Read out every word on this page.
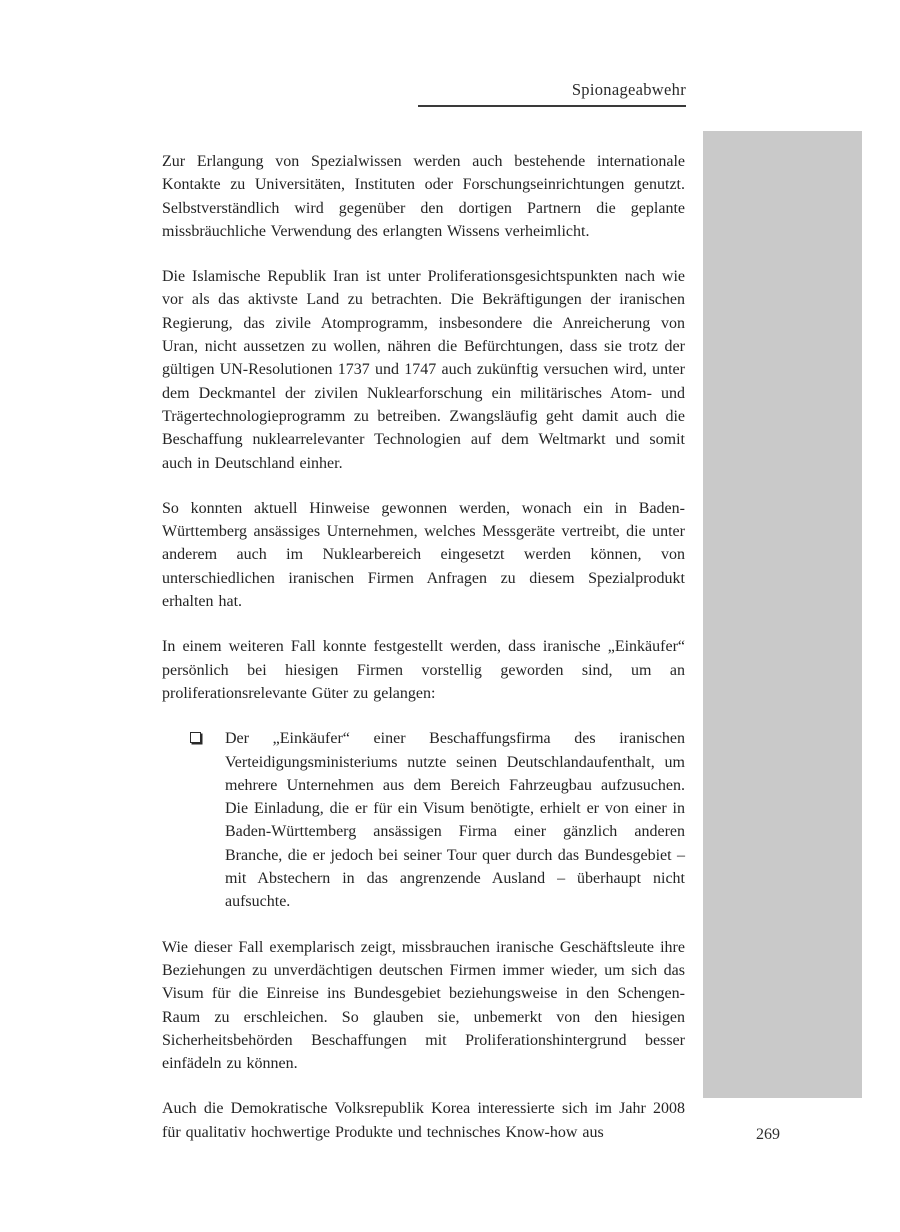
Spionageabwehr

Zur Erlangung von Spezialwissen werden auch bestehende internationale Kontakte zu Universitäten, Instituten oder Forschungseinrichtungen genutzt. Selbstverständlich wird gegenüber den dortigen Partnern die geplante missbräuchliche Verwendung des erlangten Wissens verheimlicht.

Die Islamische Republik Iran ist unter Proliferationsgesichtspunkten nach wie vor als das aktivste Land zu betrachten. Die Bekräftigungen der iranischen Regierung, das zivile Atomprogramm, insbesondere die Anreicherung von Uran, nicht aussetzen zu wollen, nähren die Befürchtungen, dass sie trotz der gültigen UN-Resolutionen 1737 und 1747 auch zukünftig versuchen wird, unter dem Deckmantel der zivilen Nuklearforschung ein militärisches Atom- und Trägertechnologieprogramm zu betreiben. Zwangsläufig geht damit auch die Beschaffung nuklearrelevanter Technologien auf dem Weltmarkt und somit auch in Deutschland einher.

So konnten aktuell Hinweise gewonnen werden, wonach ein in Baden-Württemberg ansässiges Unternehmen, welches Messgeräte vertreibt, die unter anderem auch im Nuklearbereich eingesetzt werden können, von unterschiedlichen iranischen Firmen Anfragen zu diesem Spezialprodukt erhalten hat.

In einem weiteren Fall konnte festgestellt werden, dass iranische „Einkäufer“ persönlich bei hiesigen Firmen vorstellig geworden sind, um an proliferationsrelevante Güter zu gelangen:

Der „Einkäufer“ einer Beschaffungsfirma des iranischen Verteidigungsministeriums nutzte seinen Deutschlandaufenthalt, um mehrere Unternehmen aus dem Bereich Fahrzeugbau aufzusuchen. Die Einladung, die er für ein Visum benötigte, erhielt er von einer in Baden-Württemberg ansässigen Firma einer gänzlich anderen Branche, die er jedoch bei seiner Tour quer durch das Bundesgebiet – mit Abstechern in das angrenzende Ausland – überhaupt nicht aufsuchte.

Wie dieser Fall exemplarisch zeigt, missbrauchen iranische Geschäftsleute ihre Beziehungen zu unverdächtigen deutschen Firmen immer wieder, um sich das Visum für die Einreise ins Bundesgebiet beziehungsweise in den Schengen-Raum zu erschleichen. So glauben sie, unbemerkt von den hiesigen Sicherheitsbehörden Beschaffungen mit Proliferationshintergrund besser einfädeln zu können.

Auch die Demokratische Volksrepublik Korea interessierte sich im Jahr 2008 für qualitativ hochwertige Produkte und technisches Know-how aus	269
